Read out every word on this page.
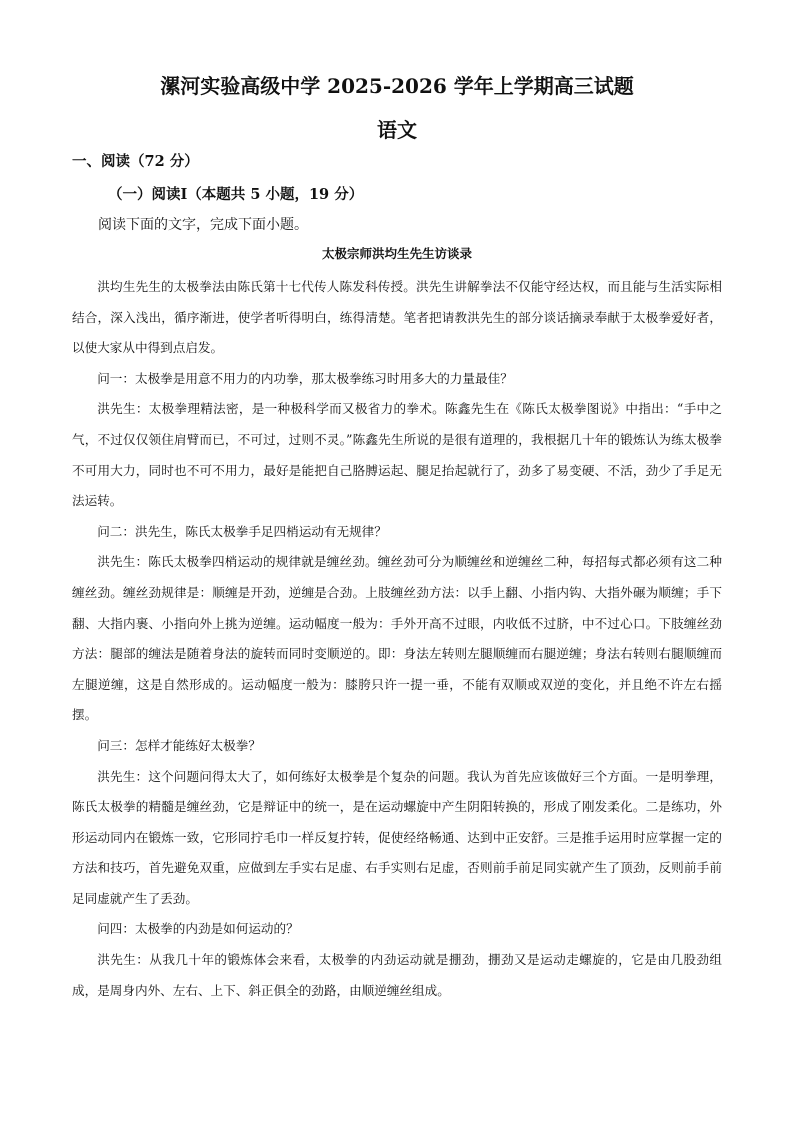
漯河实验高级中学 2025-2026 学年上学期高三试题
语文
一、阅读（72 分）
（一）阅读Ⅰ（本题共 5 小题，19 分）
阅读下面的文字，完成下面小题。
太极宗师洪均生先生访谈录

洪均生先生的太极拳法由陈氏第十七代传人陈发科传授。洪先生讲解拳法不仅能守经达权，而且能与生活实际相结合，深入浅出，循序渐进，使学者听得明白，练得清楚。笔者把请教洪先生的部分谈话摘录奉献于太极拳爱好者，以使大家从中得到点启发。

问一：太极拳是用意不用力的内功拳，那太极拳练习时用多大的力量最佳？

洪先生：太极拳理精法密，是一种极科学而又极省力的拳术。陈鑫先生在《陈氏太极拳图说》中指出：“手中之气，不过仅仅领住肩臂而已，不可过，过则不灵。”陈鑫先生所说的是很有道理的，我根据几十年的锻炼认为练太极拳不可用大力，同时也不可不用力，最好是能把自己胳膊运起、腿足抬起就行了，劲多了易变硬、不活，劲少了手足无法运转。

问二：洪先生，陈氏太极拳手足四梢运动有无规律？

洪先生：陈氏太极拳四梢运动的规律就是缠丝劲。缠丝劲可分为顺缠丝和逆缠丝二种，每招每式都必须有这二种缠丝劲。缠丝劲规律是：顺缠是开劲，逆缠是合劲。上肢缠丝劲方法：以手上翻、小指内钩、大指外碾为顺缠；手下翻、大指内裹、小指向外上挑为逆缠。运动幅度一般为：手外开高不过眼，内收低不过脐，中不过心口。下肢缠丝劲方法：腿部的缠法是随着身法的旋转而同时变顺逆的。即：身法左转则左腿顺缠而右腿逆缠；身法右转则右腿顺缠而左腿逆缠，这是自然形成的。运动幅度一般为：膝胯只许一提一垂，不能有双顺或双逆的变化，并且绝不许左右摇摆。

问三：怎样才能练好太极拳？

洪先生：这个问题问得太大了，如何练好太极拳是个复杂的问题。我认为首先应该做好三个方面。一是明拳理，陈氏太极拳的精髓是缠丝劲，它是辩证中的统一，是在运动螺旋中产生阴阳转换的，形成了刚发柔化。二是练功，外形运动同内在锻炼一致，它形同拧毛巾一样反复拧转，促使经络畅通、达到中正安舒。三是推手运用时应掌握一定的方法和技巧，首先避免双重，应做到左手实右足虚、右手实则右足虚，否则前手前足同实就产生了顶劲，反则前手前足同虚就产生了丢劲。

问四：太极拳的内劲是如何运动的？

洪先生：从我几十年的锻炼体会来看，太极拳的内劲运动就是掤劲，掤劲又是运动走螺旋的，它是由几股劲组成，是周身内外、左右、上下、斜正俱全的劲路，由顺逆缠丝组成。
